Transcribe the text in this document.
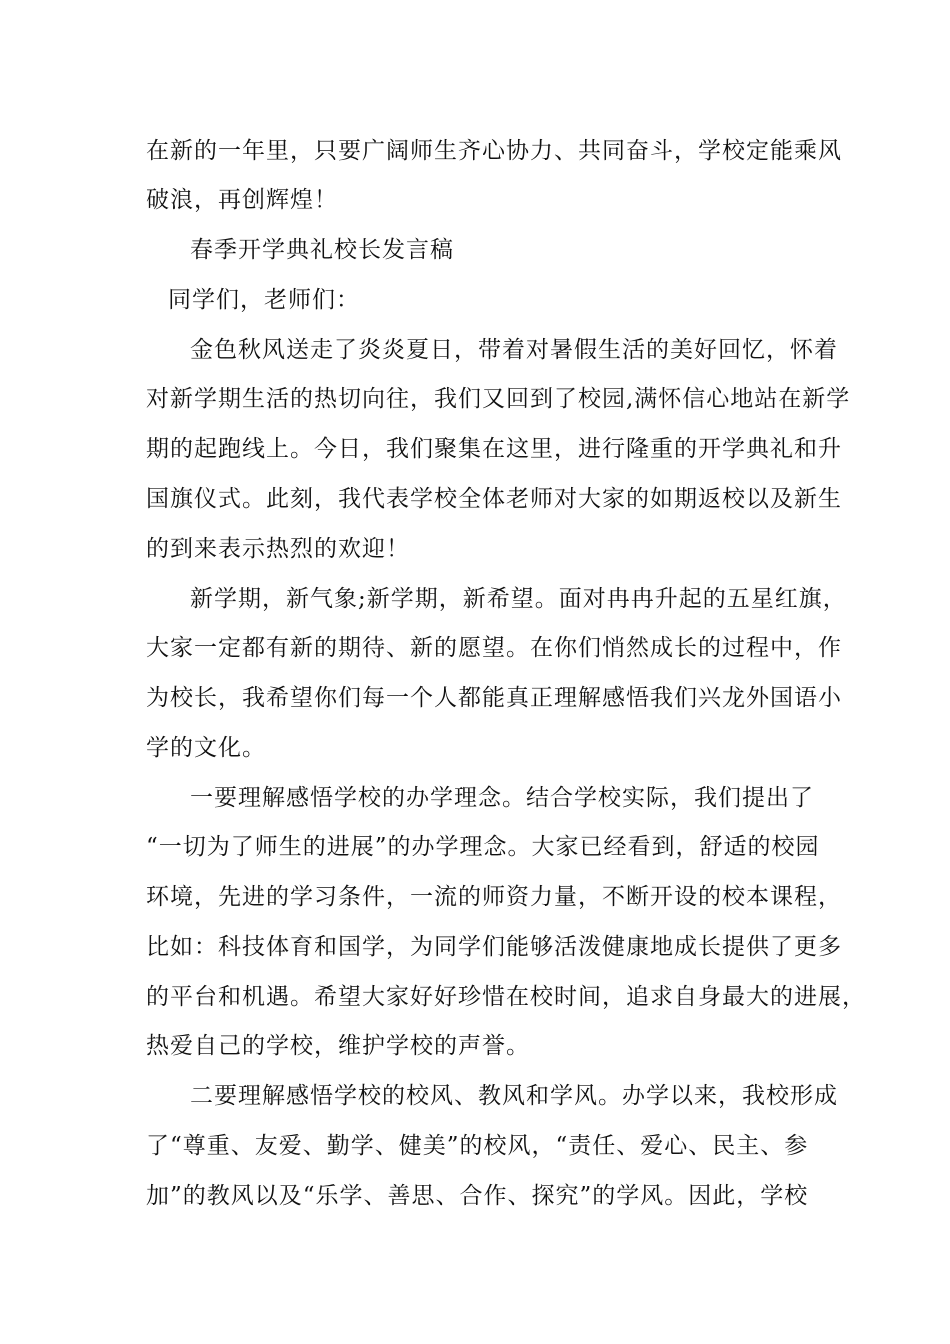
在新的一年里，只要广阔师生齐心协力、共同奋斗，学校定能乘风
破浪，再创辉煌！
春季开学典礼校长发言稿
同学们，老师们：
金色秋风送走了炎炎夏日，带着对暑假生活的美好回忆，怀着
对新学期生活的热切向往，我们又回到了校园,满怀信心地站在新学
期的起跑线上。今日，我们聚集在这里，进行隆重的开学典礼和升
国旗仪式。此刻，我代表学校全体老师对大家的如期返校以及新生
的到来表示热烈的欢迎！
新学期，新气象;新学期，新希望。面对冉冉升起的五星红旗，
大家一定都有新的期待、新的愿望。在你们悄然成长的过程中，作
为校长，我希望你们每一个人都能真正理解感悟我们兴龙外国语小
学的文化。
一要理解感悟学校的办学理念。结合学校实际，我们提出了
“一切为了师生的进展”的办学理念。大家已经看到，舒适的校园
环境，先进的学习条件，一流的师资力量，不断开设的校本课程，
比如：科技体育和国学，为同学们能够活泼健康地成长提供了更多
的平台和机遇。希望大家好好珍惜在校时间，追求自身最大的进展，
热爱自己的学校，维护学校的声誉。
二要理解感悟学校的校风、教风和学风。办学以来，我校形成
了“尊重、友爱、勤学、健美”的校风，“责任、爱心、民主、参
加”的教风以及“乐学、善思、合作、探究”的学风。因此，学校
